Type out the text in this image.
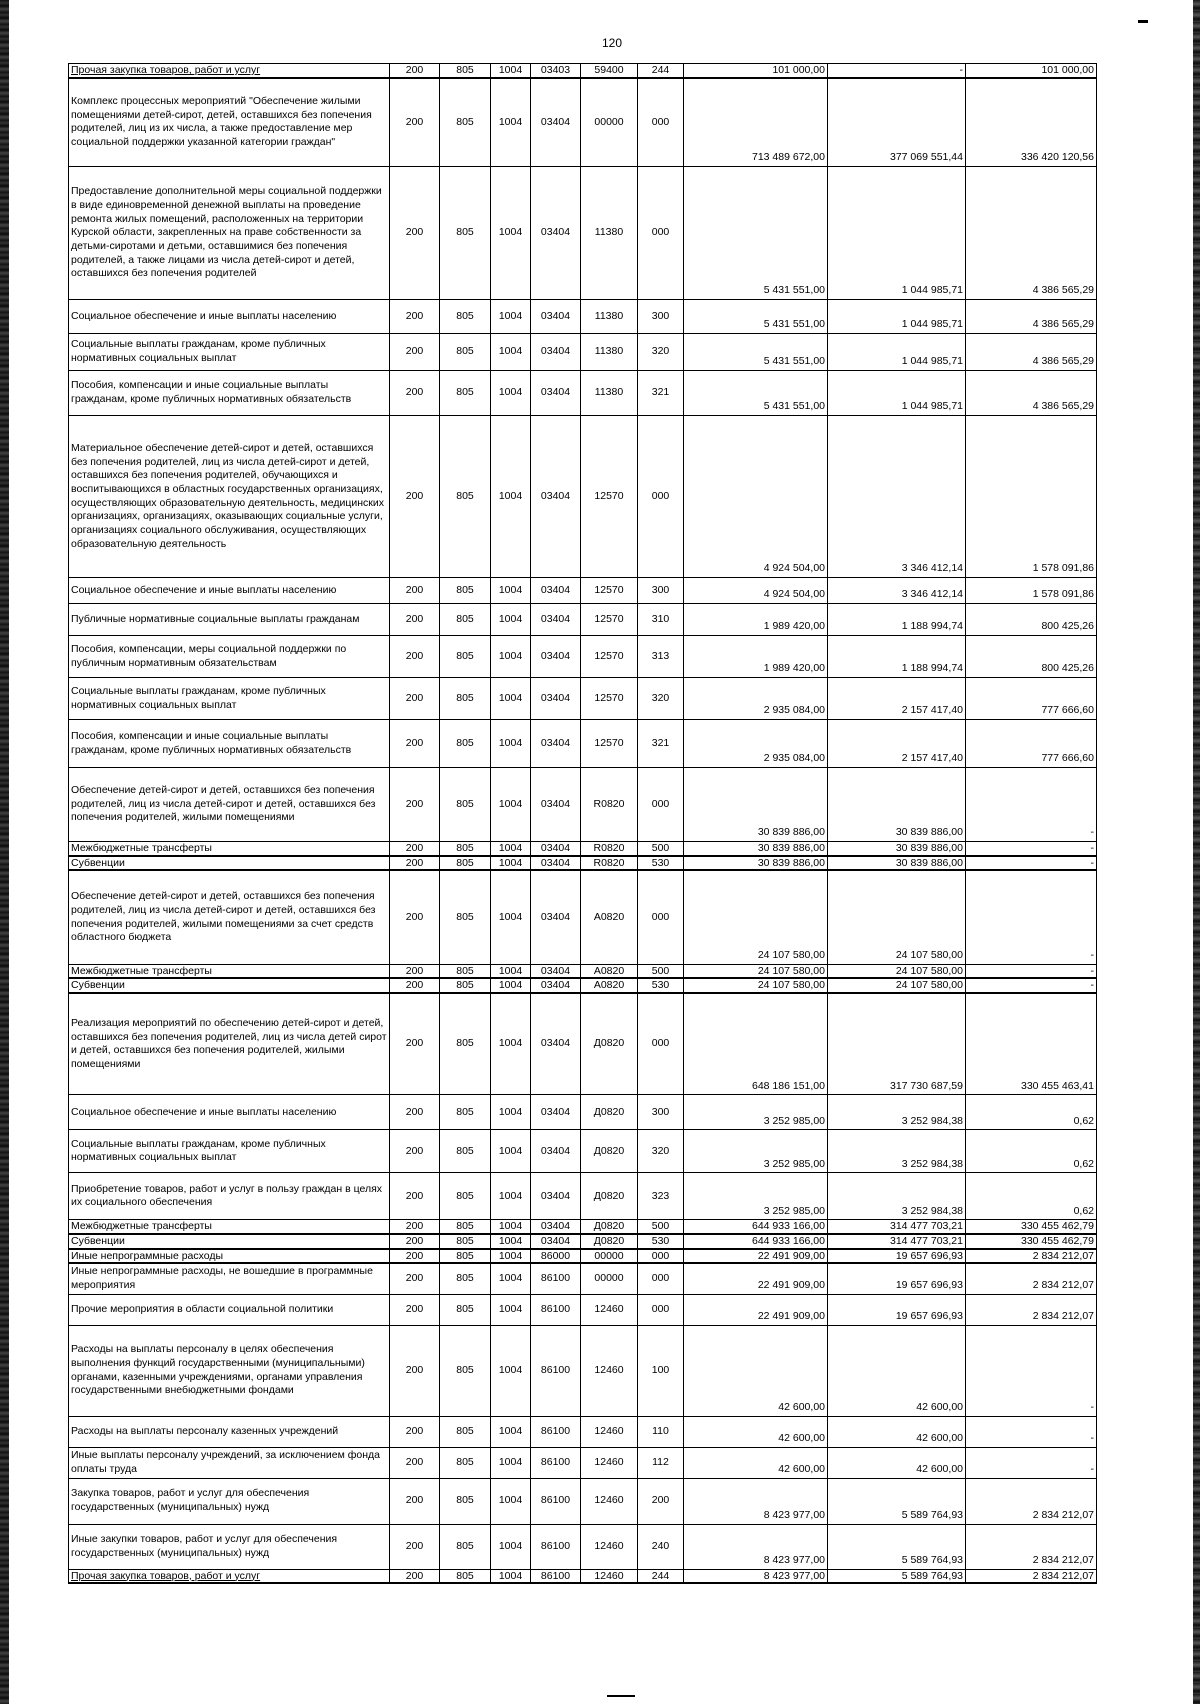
120
Прочая закупка товаров, работ и услуг	200	805	1004	03403	59400	244	101 000,00	-	101 000,00
Комплекс процессных мероприятий "Обеспечение жилыми помещениями детей-сирот, детей, оставшихся без попечения родителей, лиц из их числа, а также предоставление мер социальной поддержки указанной категории граждан"	200	805	1004	03404	00000	000	713 489 672,00	377 069 551,44	336 420 120,56
Предоставление дополнительной меры социальной поддержки в виде единовременной денежной выплаты на проведение ремонта жилых помещений, расположенных на территории Курской области, закрепленных на праве собственности за детьми-сиротами и детьми, оставшимися без попечения родителей, а также лицами из числа детей-сирот и детей, оставшихся без попечения родителей	200	805	1004	03404	11380	000	5 431 551,00	1 044 985,71	4 386 565,29
Социальное обеспечение и иные выплаты населению	200	805	1004	03404	11380	300	5 431 551,00	1 044 985,71	4 386 565,29
Социальные выплаты гражданам, кроме публичных нормативных социальных выплат	200	805	1004	03404	11380	320	5 431 551,00	1 044 985,71	4 386 565,29
Пособия, компенсации и иные социальные выплаты гражданам, кроме публичных нормативных обязательств	200	805	1004	03404	11380	321	5 431 551,00	1 044 985,71	4 386 565,29
Материальное обеспечение детей-сирот и детей, оставшихся без попечения родителей, лиц из числа детей-сирот и детей, оставшихся без попечения родителей, обучающихся и воспитывающихся в областных государственных организациях, осуществляющих образовательную деятельность, медицинских организациях, организациях, оказывающих социальные услуги, организациях социального обслуживания, осуществляющих образовательную деятельность	200	805	1004	03404	12570	000	4 924 504,00	3 346 412,14	1 578 091,86
Социальное обеспечение и иные выплаты населению	200	805	1004	03404	12570	300	4 924 504,00	3 346 412,14	1 578 091,86
Публичные нормативные социальные выплаты гражданам	200	805	1004	03404	12570	310	1 989 420,00	1 188 994,74	800 425,26
Пособия, компенсации, меры социальной поддержки по публичным нормативным обязательствам	200	805	1004	03404	12570	313	1 989 420,00	1 188 994,74	800 425,26
Социальные выплаты гражданам, кроме публичных нормативных социальных выплат	200	805	1004	03404	12570	320	2 935 084,00	2 157 417,40	777 666,60
Пособия, компенсации и иные социальные выплаты гражданам, кроме публичных нормативных обязательств	200	805	1004	03404	12570	321	2 935 084,00	2 157 417,40	777 666,60
Обеспечение детей-сирот и детей, оставшихся без попечения родителей, лиц из числа детей-сирот и детей, оставшихся без попечения родителей, жилыми помещениями	200	805	1004	03404	R0820	000	30 839 886,00	30 839 886,00	-
Межбюджетные трансферты	200	805	1004	03404	R0820	500	30 839 886,00	30 839 886,00	-
Субвенции	200	805	1004	03404	R0820	530	30 839 886,00	30 839 886,00	-
Обеспечение детей-сирот и детей, оставшихся без попечения родителей, лиц из числа детей-сирот и детей, оставшихся без попечения родителей, жилыми помещениями за счет средств областного бюджета	200	805	1004	03404	А0820	000	24 107 580,00	24 107 580,00	-
Межбюджетные трансферты	200	805	1004	03404	А0820	500	24 107 580,00	24 107 580,00	-
Субвенции	200	805	1004	03404	А0820	530	24 107 580,00	24 107 580,00	-
Реализация мероприятий по обеспечению детей-сирот и детей, оставшихся без попечения родителей, лиц из числа детей сирот и детей, оставшихся без попечения родителей, жилыми помещениями	200	805	1004	03404	Д0820	000	648 186 151,00	317 730 687,59	330 455 463,41
Социальное обеспечение и иные выплаты населению	200	805	1004	03404	Д0820	300	3 252 985,00	3 252 984,38	0,62
Социальные выплаты гражданам, кроме публичных нормативных социальных выплат	200	805	1004	03404	Д0820	320	3 252 985,00	3 252 984,38	0,62
Приобретение товаров, работ и услуг в пользу граждан в целях их социального обеспечения	200	805	1004	03404	Д0820	323	3 252 985,00	3 252 984,38	0,62
Межбюджетные трансферты	200	805	1004	03404	Д0820	500	644 933 166,00	314 477 703,21	330 455 462,79
Субвенции	200	805	1004	03404	Д0820	530	644 933 166,00	314 477 703,21	330 455 462,79
Иные непрограммные расходы	200	805	1004	86000	00000	000	22 491 909,00	19 657 696,93	2 834 212,07
Иные непрограммные расходы, не вошедшие в программные мероприятия	200	805	1004	86100	00000	000	22 491 909,00	19 657 696,93	2 834 212,07
Прочие мероприятия в области социальной политики	200	805	1004	86100	12460	000	22 491 909,00	19 657 696,93	2 834 212,07
Расходы на выплаты персоналу в целях обеспечения выполнения функций государственными (муниципальными) органами, казенными учреждениями, органами управления государственными внебюджетными фондами	200	805	1004	86100	12460	100	42 600,00	42 600,00	-
Расходы на выплаты персоналу казенных учреждений	200	805	1004	86100	12460	110	42 600,00	42 600,00	-
Иные выплаты персоналу учреждений, за исключением фонда оплаты труда	200	805	1004	86100	12460	112	42 600,00	42 600,00	-
Закупка товаров, работ и услуг для обеспечения государственных (муниципальных) нужд	200	805	1004	86100	12460	200	8 423 977,00	5 589 764,93	2 834 212,07
Иные закупки товаров, работ и услуг для обеспечения государственных (муниципальных) нужд	200	805	1004	86100	12460	240	8 423 977,00	5 589 764,93	2 834 212,07
Прочая закупка товаров, работ и услуг	200	805	1004	86100	12460	244	8 423 977,00	5 589 764,93	2 834 212,07
